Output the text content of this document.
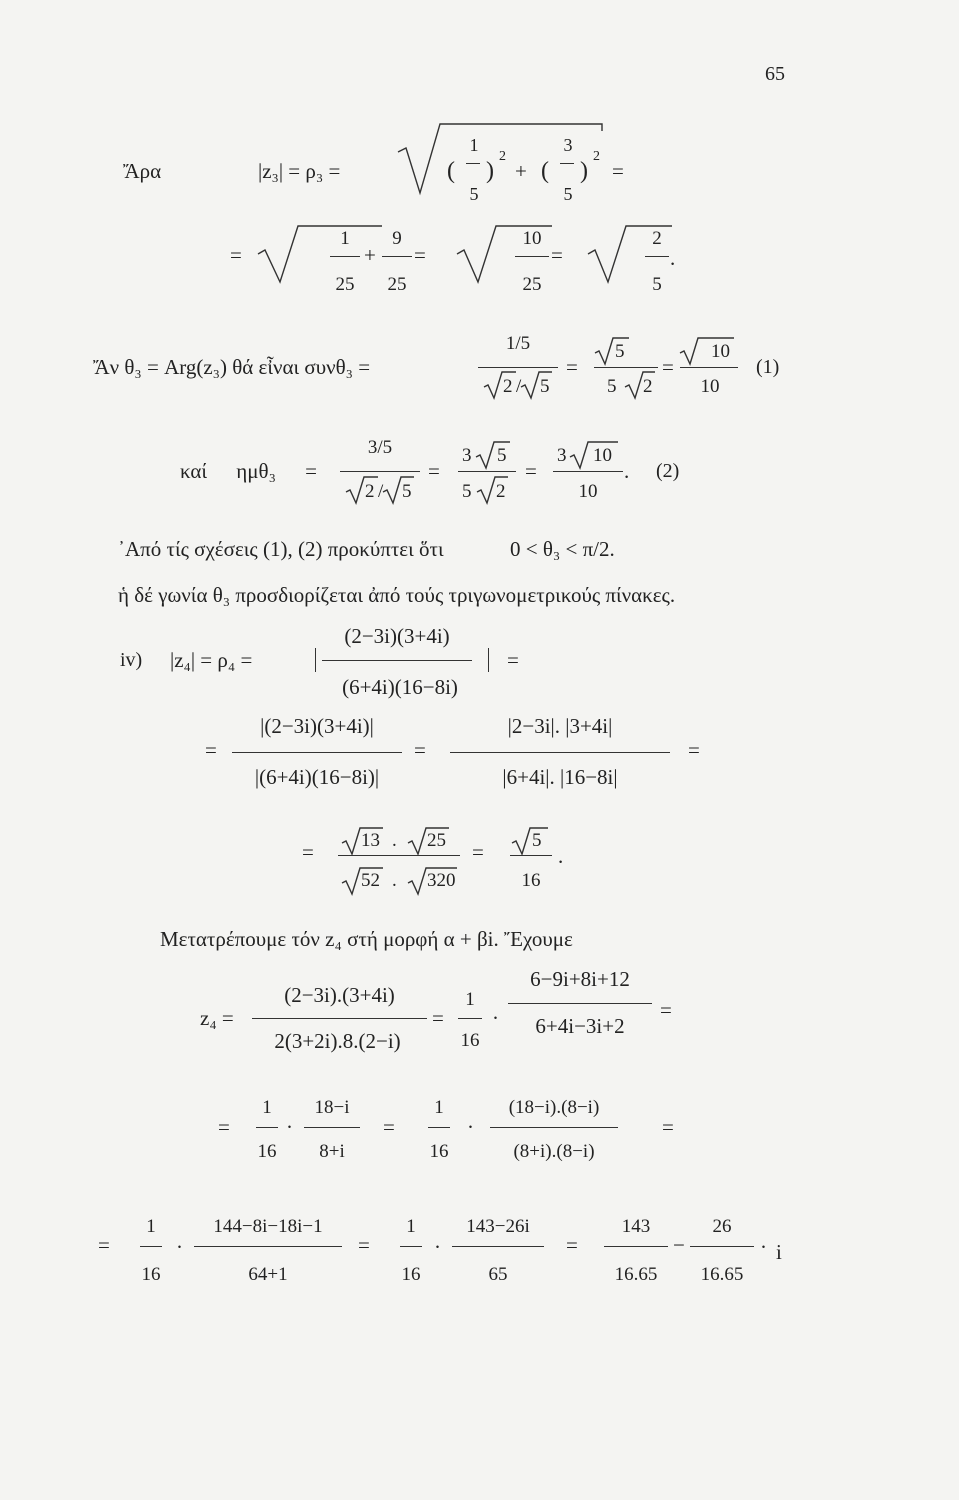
65
Ἄρα	|z₃| = ρ₃ =	(
1
5
)
2
+ (
3
5
)
2
=
=
1
25
+
9
25
=
10
25
=
2
5
.
Ἄν θ₃ = Arg(z₃) θά εἶναι συνθ₃ =
1/5
2 / 5
=
5
5 2
=
10
10
(1)
καί ημθ₃ =
3/5
2 / 5
=
3 5
5 2
=
3 10
10
. (2)
᾿Από τίς σχέσεις (1), (2) προκύπτει ὅτι	0 < θ₃ < π/2.
ἡ δέ γωνία θ₃ προσδιορίζεται ἀπό τούς τριγωνομετρικούς πίνακες.
iv) |z₄| = ρ₄ =
(2−3i)(3+4i)
(6+4i)(16−8i)
=
=
|(2−3i)(3+4i)|
|(6+4i)(16−8i)|
=
|2−3i|. |3+4i|
|6+4i|. |16−8i|
=
= 13 . 25
52 . 320
=	5
16
.
Μετατρέπουμε τόν z₄ στή μορφή α + βi. Ἔχουμε
z₄ =
(2−3i).(3+4i)
2(3+2i).8.(2−i)
=
1
16
·
6−9i+8i+12
6+4i−3i+2
=
=
1
16
·
18−i
8+i
=
1
16
·
(18−i).(8−i)
(8+i).(8−i)
=
=
1
16
·
144−8i−18i−1
64+1
=
1
16
·
143−26i
65
=
143
16.65
−
26
16.65
· i
